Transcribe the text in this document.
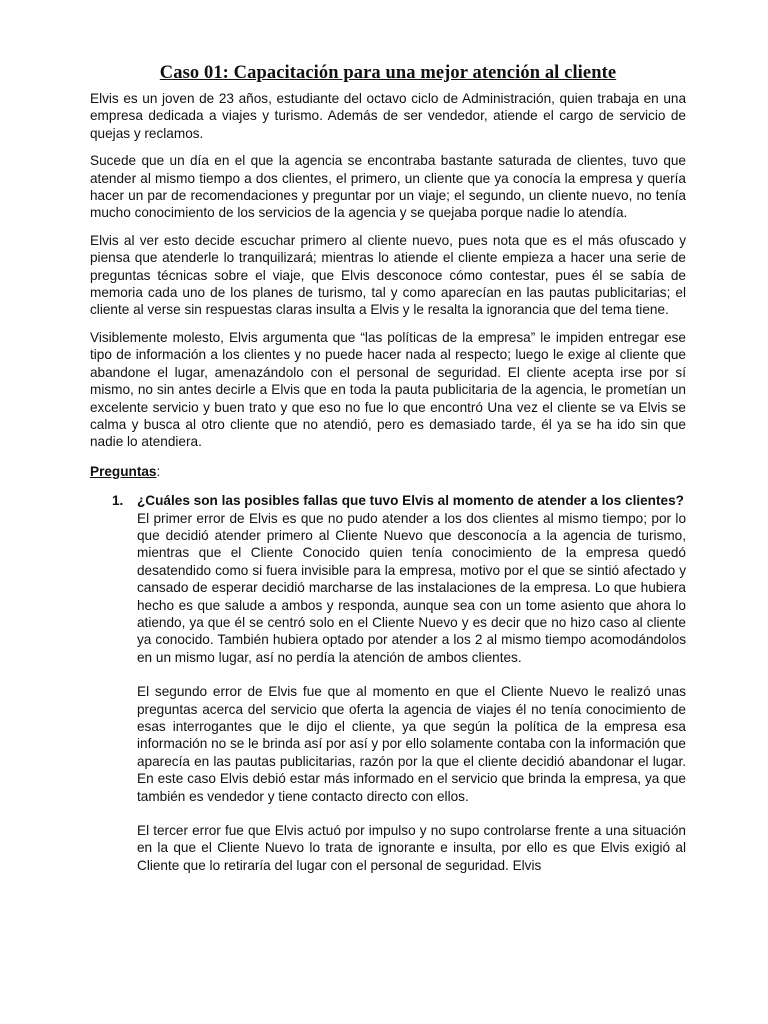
Caso 01: Capacitación para una mejor atención al cliente

Elvis es un joven de 23 años, estudiante del octavo ciclo de Administración, quien trabaja en una empresa dedicada a viajes y turismo. Además de ser vendedor, atiende el cargo de servicio de quejas y reclamos.

Sucede que un día en el que la agencia se encontraba bastante saturada de clientes, tuvo que atender al mismo tiempo a dos clientes, el primero, un cliente que ya conocía la empresa y quería hacer un par de recomendaciones y preguntar por un viaje; el segundo, un cliente nuevo, no tenía mucho conocimiento de los servicios de la agencia y se quejaba porque nadie lo atendía.

Elvis al ver esto decide escuchar primero al cliente nuevo, pues nota que es el más ofuscado y piensa que atenderle lo tranquilizará; mientras lo atiende el cliente empieza a hacer una serie de preguntas técnicas sobre el viaje, que Elvis desconoce cómo contestar, pues él se sabía de memoria cada uno de los planes de turismo, tal y como aparecían en las pautas publicitarias; el cliente al verse sin respuestas claras insulta a Elvis y le resalta la ignorancia que del tema tiene.

Visiblemente molesto, Elvis argumenta que “las políticas de la empresa” le impiden entregar ese tipo de información a los clientes y no puede hacer nada al respecto; luego le exige al cliente que abandone el lugar, amenazándolo con el personal de seguridad. El cliente acepta irse por sí mismo, no sin antes decirle a Elvis que en toda la pauta publicitaria de la agencia, le prometían un excelente servicio y buen trato y que eso no fue lo que encontró Una vez el cliente se va Elvis se calma y busca al otro cliente que no atendió, pero es demasiado tarde, él ya se ha ido sin que nadie lo atendiera.

Preguntas:
1. ¿Cuáles son las posibles fallas que tuvo Elvis al momento de atender a los clientes?

El primer error de Elvis es que no pudo atender a los dos clientes al mismo tiempo; por lo que decidió atender primero al Cliente Nuevo que desconocía a la agencia de turismo, mientras que el Cliente Conocido quien tenía conocimiento de la empresa quedó desatendido como si fuera invisible para la empresa, motivo por el que se sintió afectado y cansado de esperar decidió marcharse de las instalaciones de la empresa. Lo que hubiera hecho es que salude a ambos y responda, aunque sea con un tome asiento que ahora lo atiendo, ya que él se centró solo en el Cliente Nuevo y es decir que no hizo caso al cliente ya conocido. También hubiera optado por atender a los 2 al mismo tiempo acomodándolos en un mismo lugar, así no perdía la atención de ambos clientes.

El segundo error de Elvis fue que al momento en que el Cliente Nuevo le realizó unas preguntas acerca del servicio que oferta la agencia de viajes él no tenía conocimiento de esas interrogantes que le dijo el cliente, ya que según la política de la empresa esa información no se le brinda así por así y por ello solamente contaba con la información que aparecía en las pautas publicitarias, razón por la que el cliente decidió abandonar el lugar. En este caso Elvis debió estar más informado en el servicio que brinda la empresa, ya que también es vendedor y tiene contacto directo con ellos.

El tercer error fue que Elvis actuó por impulso y no supo controlarse frente a una situación en la que el Cliente Nuevo lo trata de ignorante e insulta, por ello es que Elvis exigió al Cliente que lo retiraría del lugar con el personal de seguridad. Elvis
